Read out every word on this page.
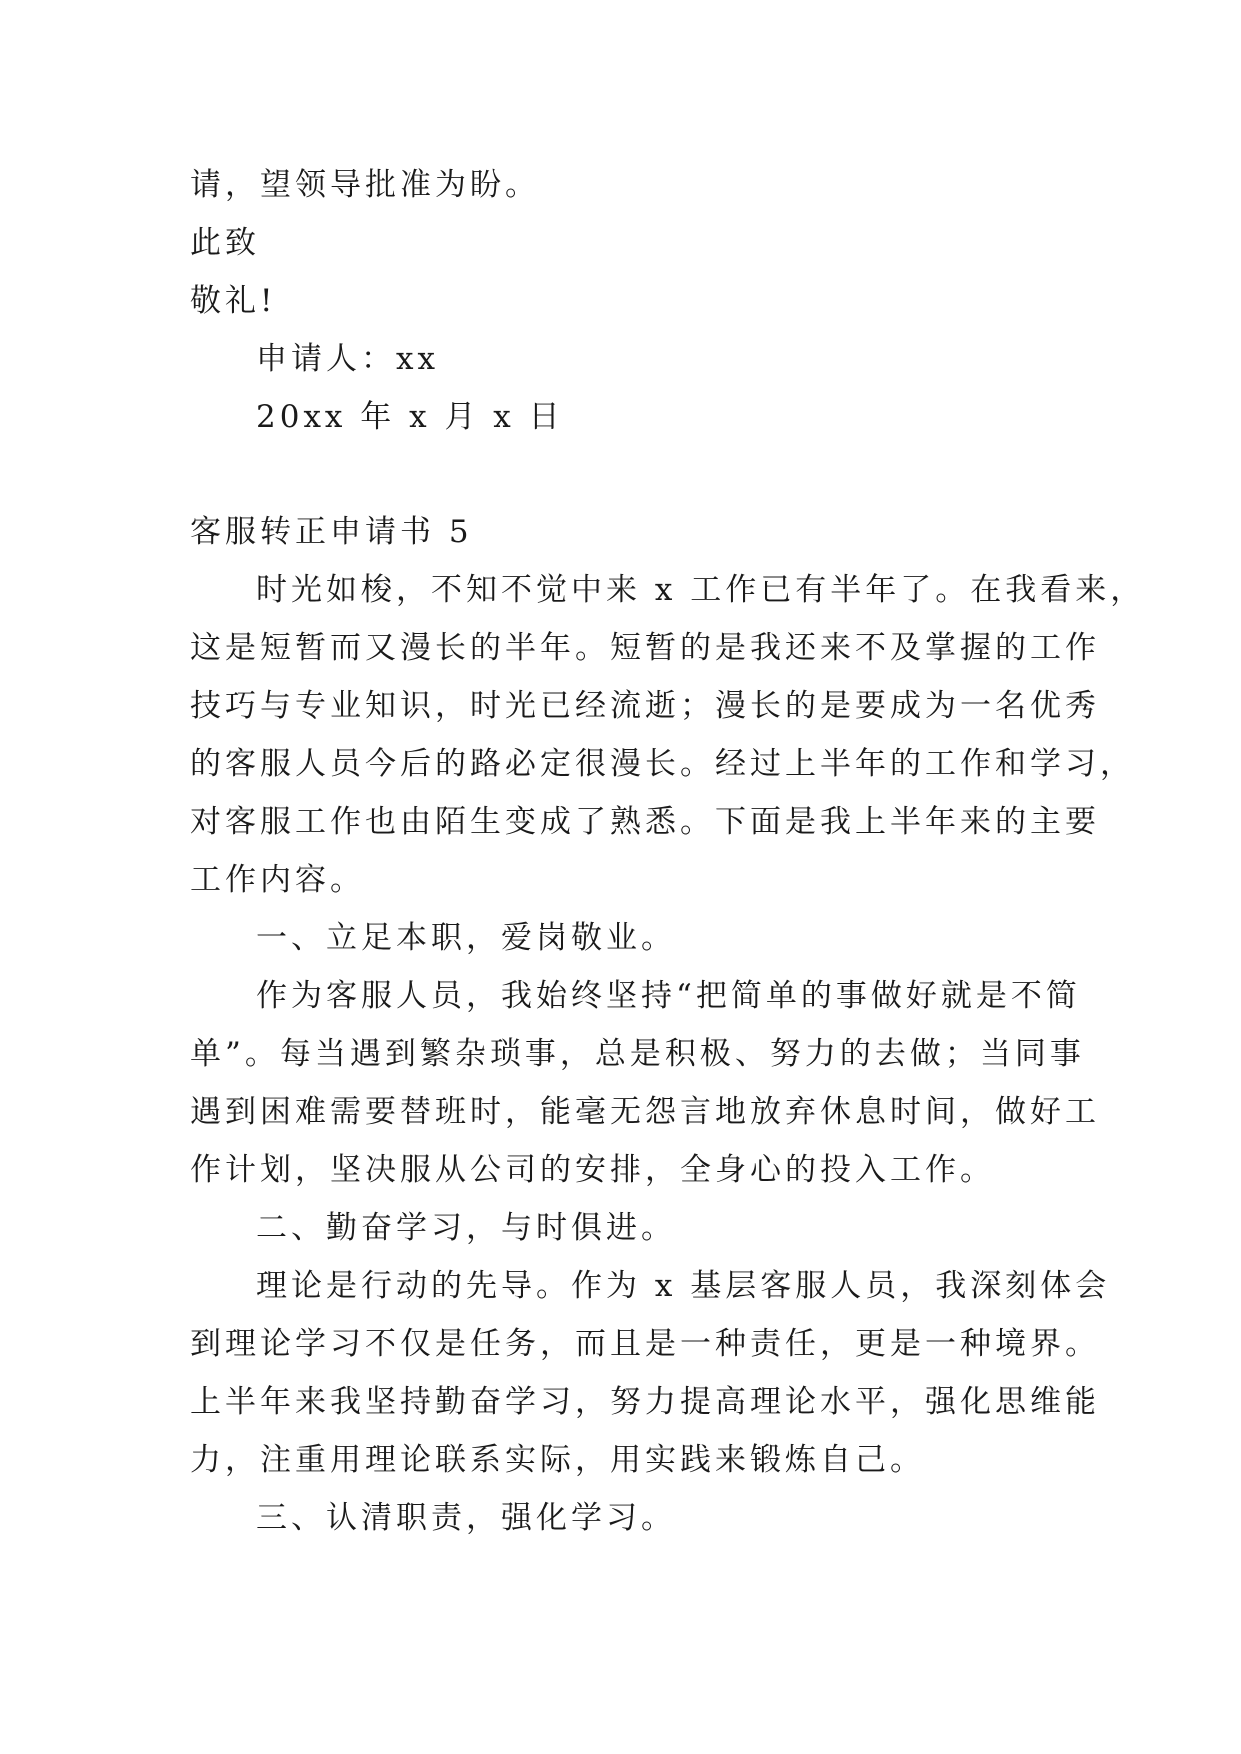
请，望领导批准为盼。
此致
敬礼!
申请人：xx
20xx 年 x 月 x 日
客服转正申请书 5
时光如梭，不知不觉中来 x 工作已有半年了。在我看来，
这是短暂而又漫长的半年。短暂的是我还来不及掌握的工作
技巧与专业知识，时光已经流逝；漫长的是要成为一名优秀
的客服人员今后的路必定很漫长。经过上半年的工作和学习，
对客服工作也由陌生变成了熟悉。下面是我上半年来的主要
工作内容。
一、立足本职，爱岗敬业。
作为客服人员，我始终坚持“把简单的事做好就是不简
单”。每当遇到繁杂琐事，总是积极、努力的去做；当同事
遇到困难需要替班时，能毫无怨言地放弃休息时间，做好工
作计划，坚决服从公司的安排，全身心的投入工作。
二、勤奋学习，与时俱进。
理论是行动的先导。作为 x 基层客服人员，我深刻体会
到理论学习不仅是任务，而且是一种责任，更是一种境界。
上半年来我坚持勤奋学习，努力提高理论水平，强化思维能
力，注重用理论联系实际，用实践来锻炼自己。
三、认清职责，强化学习。
